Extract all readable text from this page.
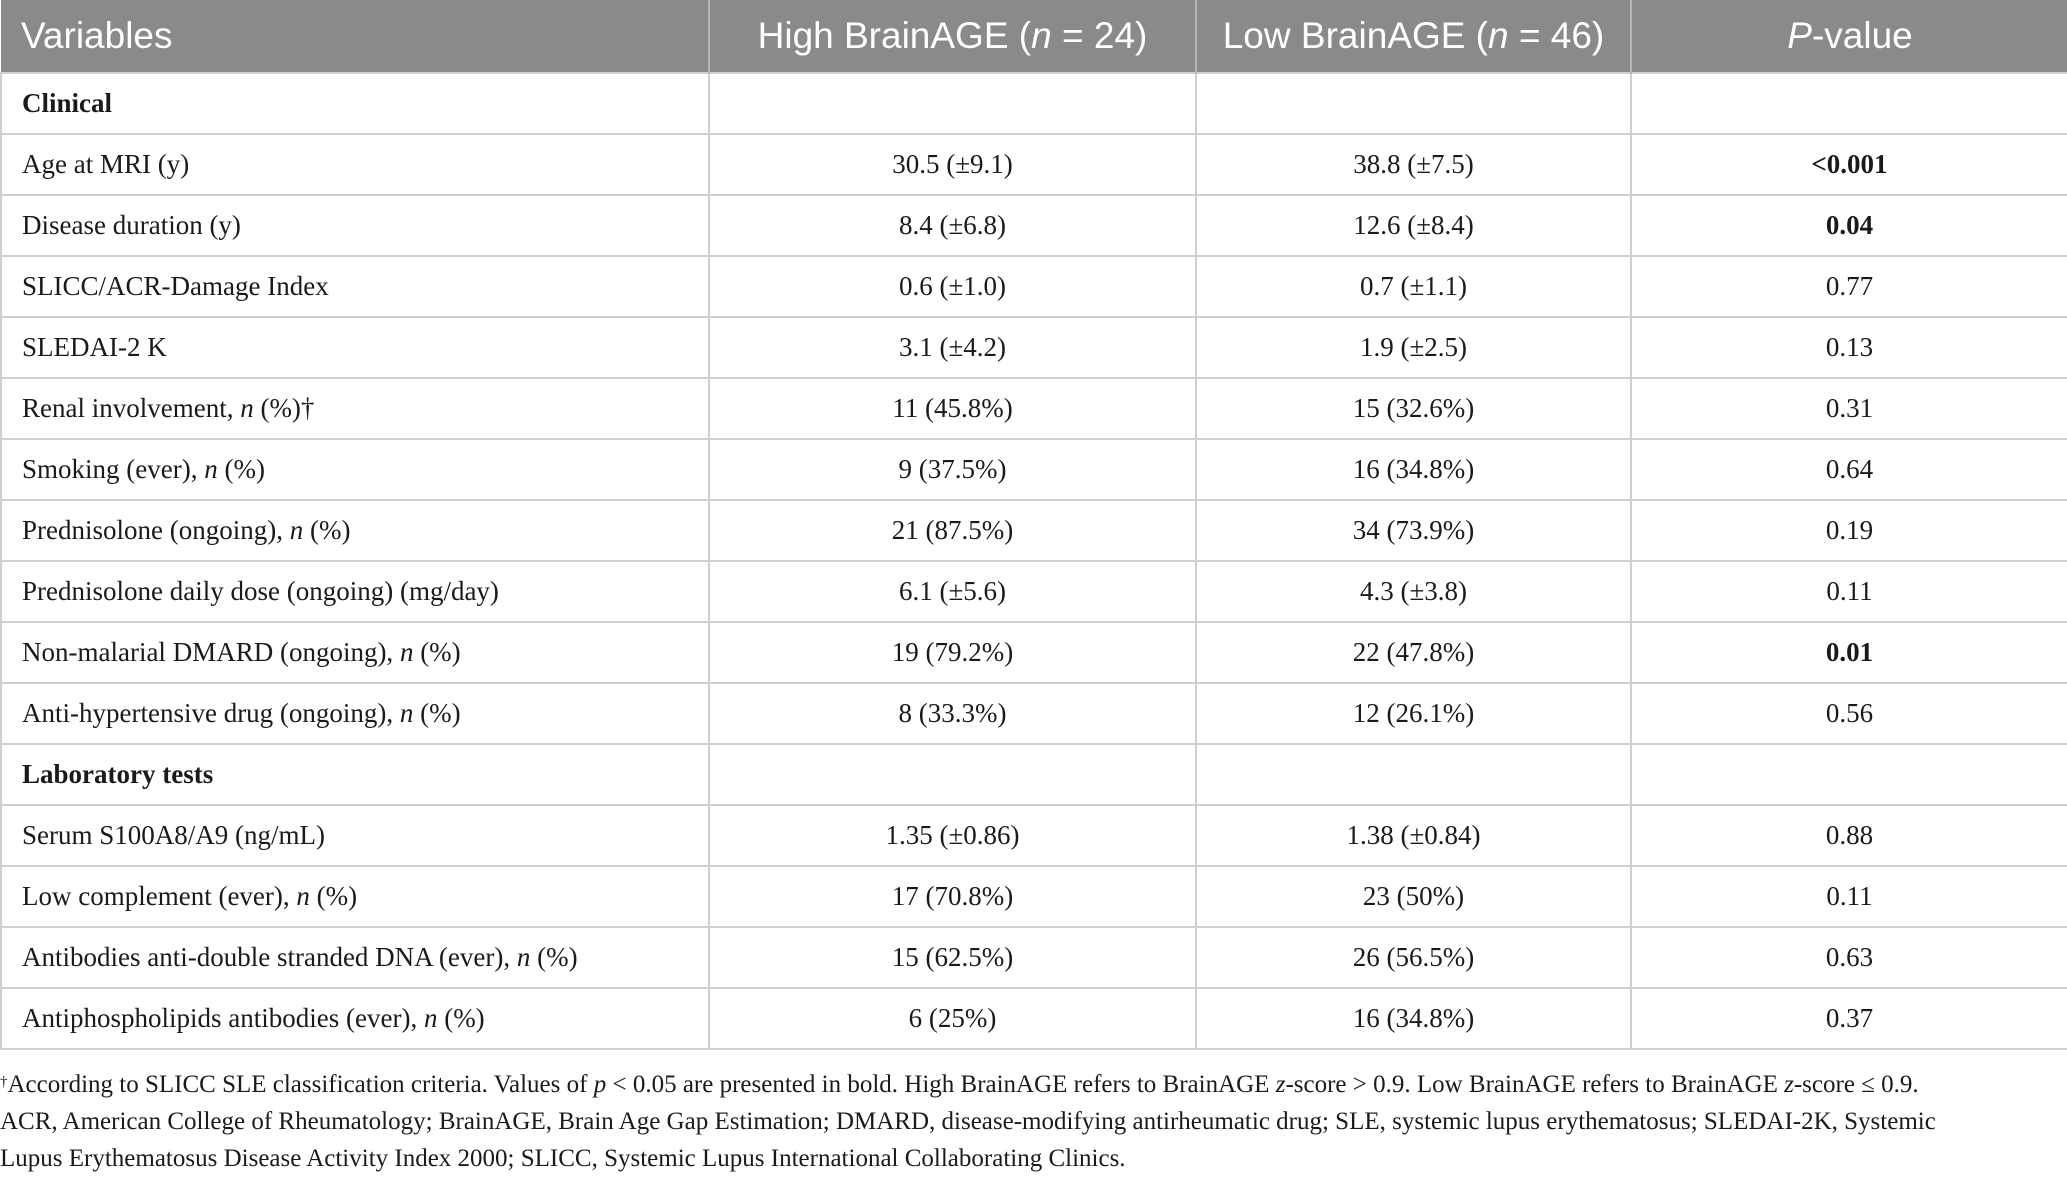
Variables	High BrainAGE (n = 24)	Low BrainAGE (n = 46)	P-value
Clinical			
Age at MRI (y)	30.5 (±9.1)	38.8 (±7.5)	<0.001
Disease duration (y)	8.4 (±6.8)	12.6 (±8.4)	0.04
SLICC/ACR-Damage Index	0.6 (±1.0)	0.7 (±1.1)	0.77
SLEDAI-2 K	3.1 (±4.2)	1.9 (±2.5)	0.13
Renal involvement, n (%)†	11 (45.8%)	15 (32.6%)	0.31
Smoking (ever), n (%)	9 (37.5%)	16 (34.8%)	0.64
Prednisolone (ongoing), n (%)	21 (87.5%)	34 (73.9%)	0.19
Prednisolone daily dose (ongoing) (mg/day)	6.1 (±5.6)	4.3 (±3.8)	0.11
Non-malarial DMARD (ongoing), n (%)	19 (79.2%)	22 (47.8%)	0.01
Anti-hypertensive drug (ongoing), n (%)	8 (33.3%)	12 (26.1%)	0.56
Laboratory tests			
Serum S100A8/A9 (ng/mL)	1.35 (±0.86)	1.38 (±0.84)	0.88
Low complement (ever), n (%)	17 (70.8%)	23 (50%)	0.11
Antibodies anti-double stranded DNA (ever), n (%)	15 (62.5%)	26 (56.5%)	0.63
Antiphospholipids antibodies (ever), n (%)	6 (25%)	16 (34.8%)	0.37
†According to SLICC SLE classification criteria. Values of p < 0.05 are presented in bold. High BrainAGE refers to BrainAGE z-score > 0.9. Low BrainAGE refers to BrainAGE z-score ≤ 0.9.
ACR, American College of Rheumatology; BrainAGE, Brain Age Gap Estimation; DMARD, disease-modifying antirheumatic drug; SLE, systemic lupus erythematosus; SLEDAI-2K, Systemic
Lupus Erythematosus Disease Activity Index 2000; SLICC, Systemic Lupus International Collaborating Clinics.
